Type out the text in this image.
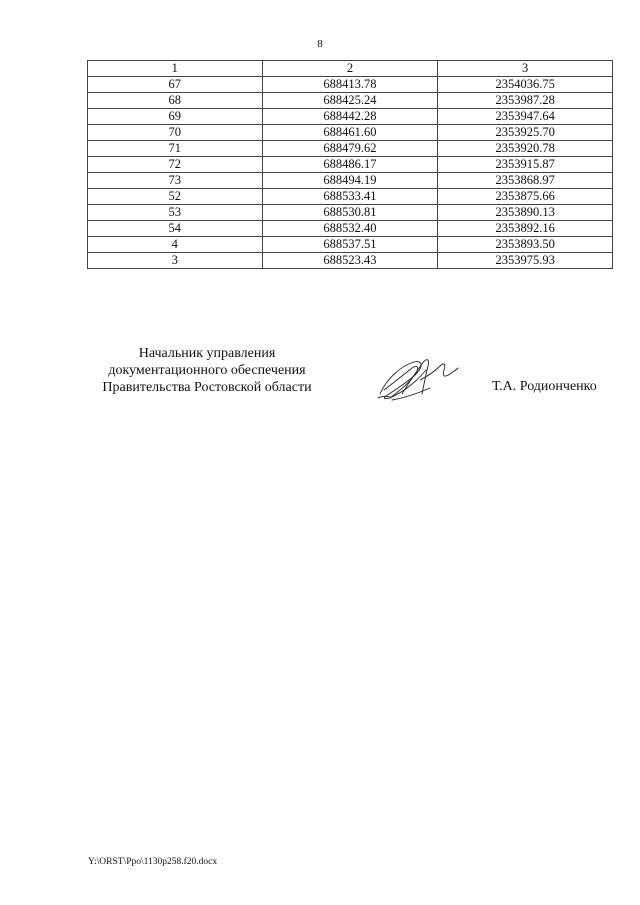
8
1	2	3
67	688413.78	2354036.75
68	688425.24	2353987.28
69	688442.28	2353947.64
70	688461.60	2353925.70
71	688479.62	2353920.78
72	688486.17	2353915.87
73	688494.19	2353868.97
52	688533.41	2353875.66
53	688530.81	2353890.13
54	688532.40	2353892.16
4	688537.51	2353893.50
3	688523.43	2353975.93
Начальник управления
документационного обеспечения
Правительства Ростовской области	Т.А. Родионченко
Y:\ORST\Ppo\1130p258.f20.docx
